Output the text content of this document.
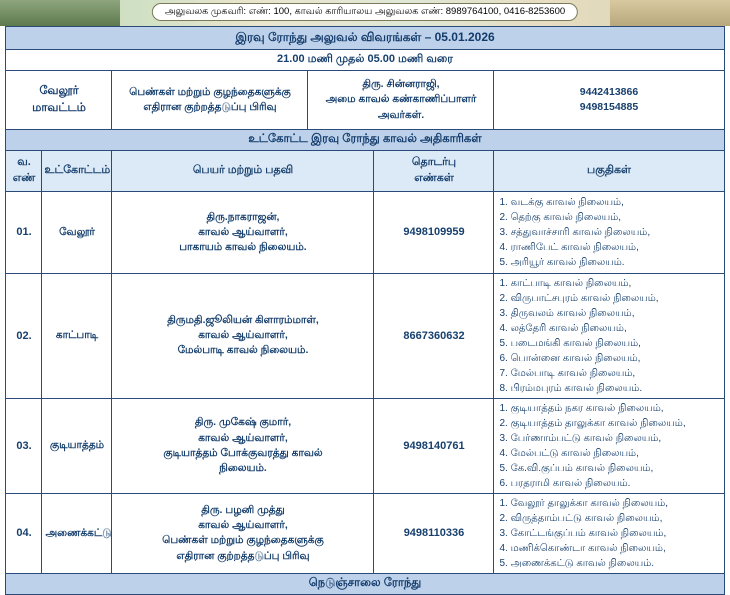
அலுவலக முகவரி: எண்: 100, காவல் காரியாலய அலுவலக எண்: 8989764100, 0416-8253600
இரவு ரோந்து அலுவல் விவரங்கள் – 05.01.2026					
21.00 மணி முதல் 05.00 மணி வரை					

வேலூர்
மாவட்டம்
	பெண்கள் மற்றும் குழந்தைகளுக்கு எதிரான குற்றத்தடுப்பு பிரிவு	
திரு. சின்னராஜி,
அமை காவல் கண்காணிப்பாளர்
அவர்கள்.

9442413866
9498154885

உட்கோட்ட இரவு ரோந்து காவல் அதிகாரிகள்					

வ.
எண்
	உட்கோட்டம்	பெயர் மற்றும் பதவி	
தொடர்பு
எண்கள்
	பகுதிகள்
01.	வேலூர்	
திரு.நாகராஜன்,
காவல் ஆய்வாளர்,
பாகாயம் காவல் நிலையம்.
	9498109959	
1. வடக்கு காவல் நிலையம்,
2. தெற்கு காவல் நிலையம்,
3. சத்துவாச்சாரி காவல் நிலையம்,
4. ராணிபேட் காவல் நிலையம்,
5. அரியூர் காவல் நிலையம்.

02.	காட்பாடி	
திருமதி.ஜூலியன் கிளாரம்மாள்,
காவல் ஆய்வாளர்,
மேல்பாடி காவல் நிலையம்.
	8667360632	
1. காட்பாடி காவல் நிலையம்,
2. விருபாட்சபுரம் காவல் நிலையம்,
3. திருவலம் காவல் நிலையம்,
4. லத்தேரி காவல் நிலையம்,
5. படைமங்கி காவல் நிலையம்,
6. பொன்னை காவல் நிலையம்,
7. மேல்பாடி காவல் நிலையம்,
8. பிரம்மபுரம் காவல் நிலையம்.

03.	குடியாத்தம்	
திரு. முகேஷ் குமார்,
காவல் ஆய்வாளர்,
குடியாத்தம் போக்குவரத்து காவல்
நிலையம்.
	9498140761	
1. குடியாத்தம் நகர காவல் நிலையம்,
2. குடியாத்தம் தாலுக்கா காவல் நிலையம்,
3. பேர்ணாம்பட்டு காவல் நிலையம்,
4. மேல்பட்டு காவல் நிலையம்,
5. கே.வி.குப்பம் காவல் நிலையம்,
6. பரதராமி காவல் நிலையம்.

04.	அணைக்கட்டு	
திரு. பழனி முத்து
காவல் ஆய்வாளர்,
பெண்கள் மற்றும் குழந்தைகளுக்கு
எதிரான குற்றத்தடுப்பு பிரிவு
	9498110336	
1. வேலூர் தாலுக்கா காவல் நிலையம்,
2. விருத்தாம்பட்டு காவல் நிலையம்,
3. கோட்டங்குப்பம் காவல் நிலையம்,
4. மணிக்கொண்டா காவல் நிலையம்,
5. அணைக்கட்டு காவல் நிலையம்.

நெடுஞ்சாலை ரோந்து					
